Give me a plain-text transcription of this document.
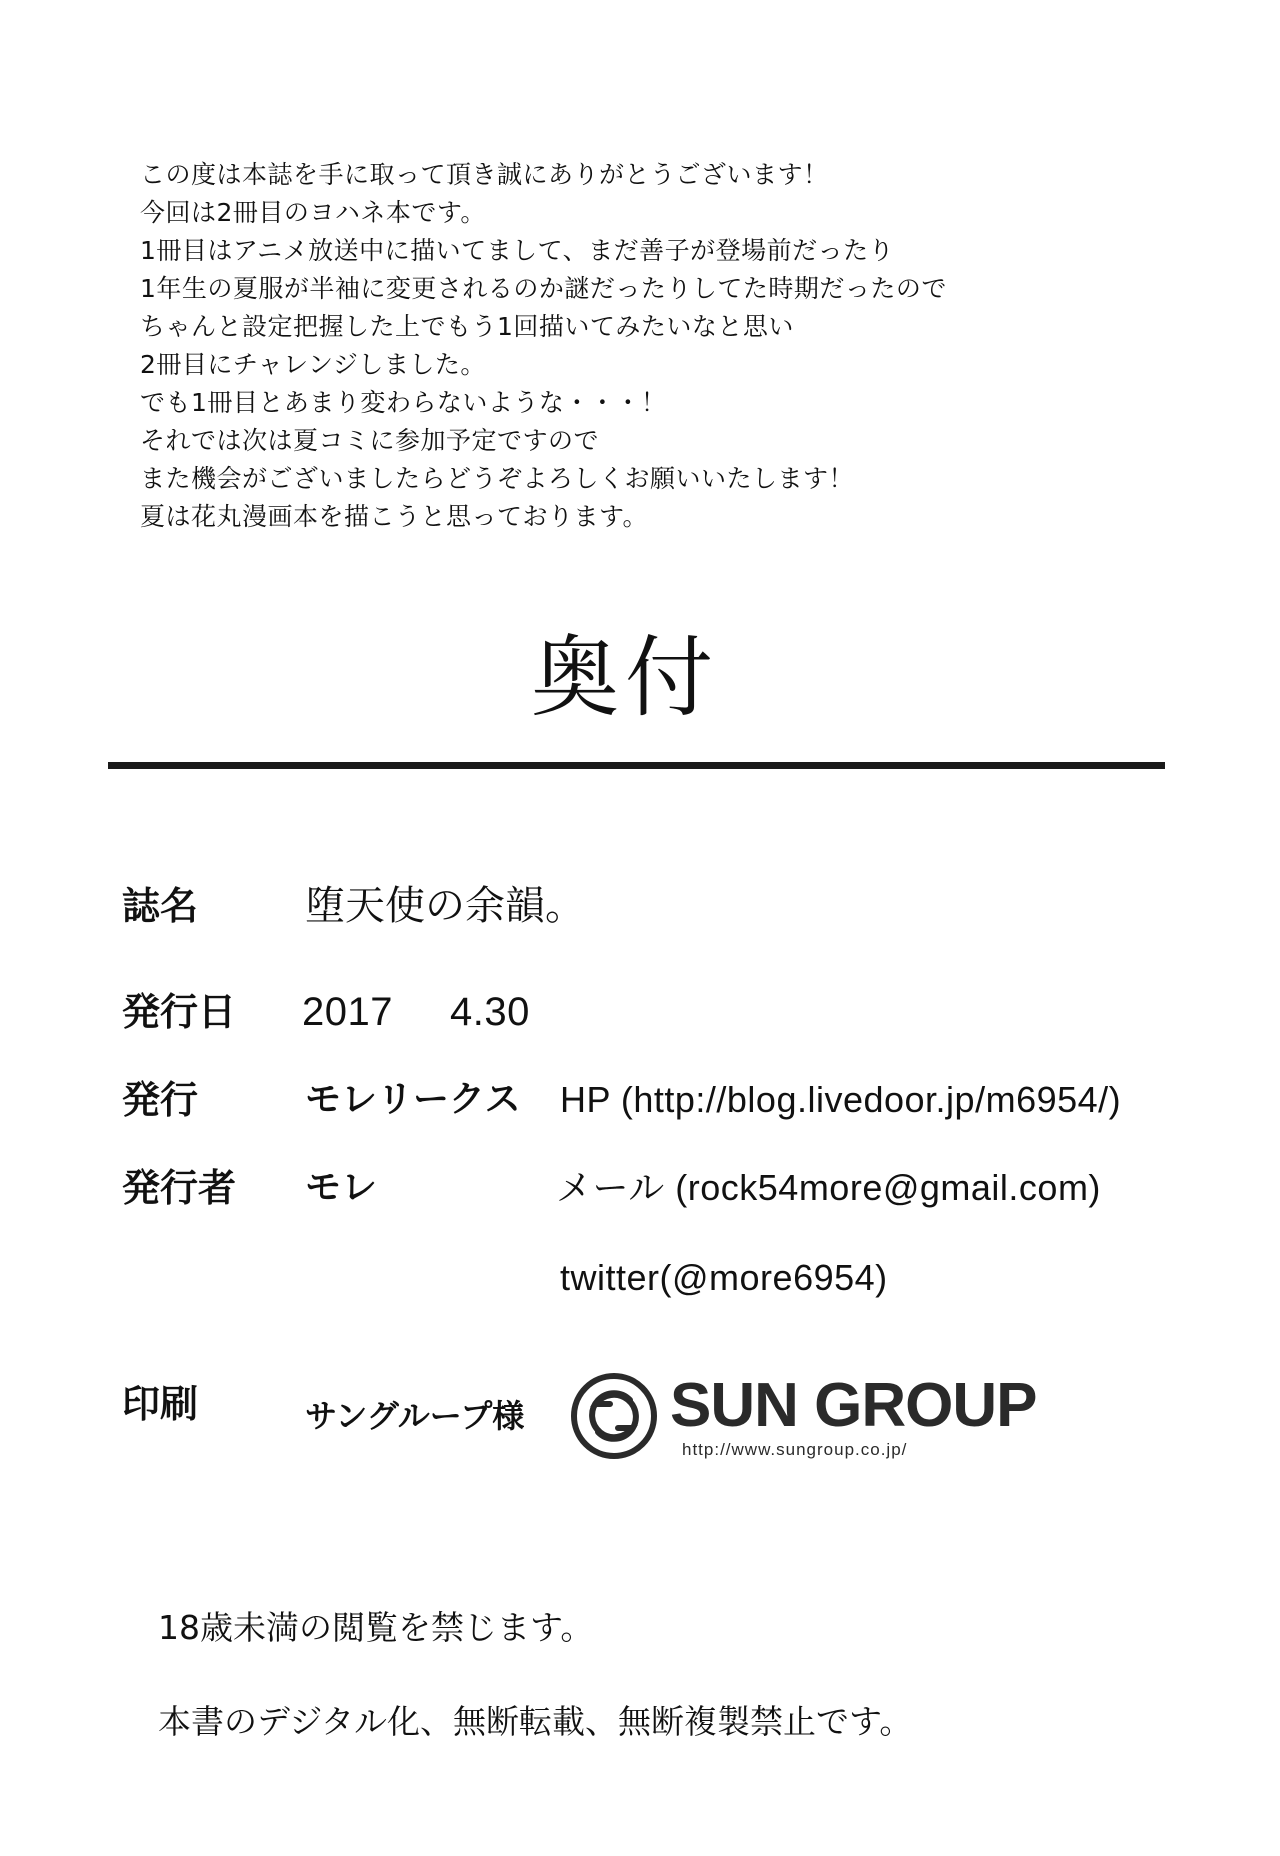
この度は本誌を手に取って頂き誠にありがとうございます！
今回は2冊目のヨハネ本です。
1冊目はアニメ放送中に描いてまして、まだ善子が登場前だったり
1年生の夏服が半袖に変更されるのか謎だったりしてた時期だったので
ちゃんと設定把握した上でもう1回描いてみたいなと思い
2冊目にチャレンジしました。
でも1冊目とあまり変わらないような・・・！
それでは次は夏コミに参加予定ですので
また機会がございましたらどうぞよろしくお願いいたします！
夏は花丸漫画本を描こうと思っております。
奥付
誌名	堕天使の余韻。
発行日 2017 4.30
発行	モレリークス HP (http://blog.livedoor.jp/m6954/)
発行者 モレ	メール (rock54more@gmail.com)
twitter(@more6954)
印刷	サングループ様 SUN GROUP
http://www.sungroup.co.jp/
18歳未満の閲覧を禁じます。
本書のデジタル化、無断転載、無断複製禁止です。
